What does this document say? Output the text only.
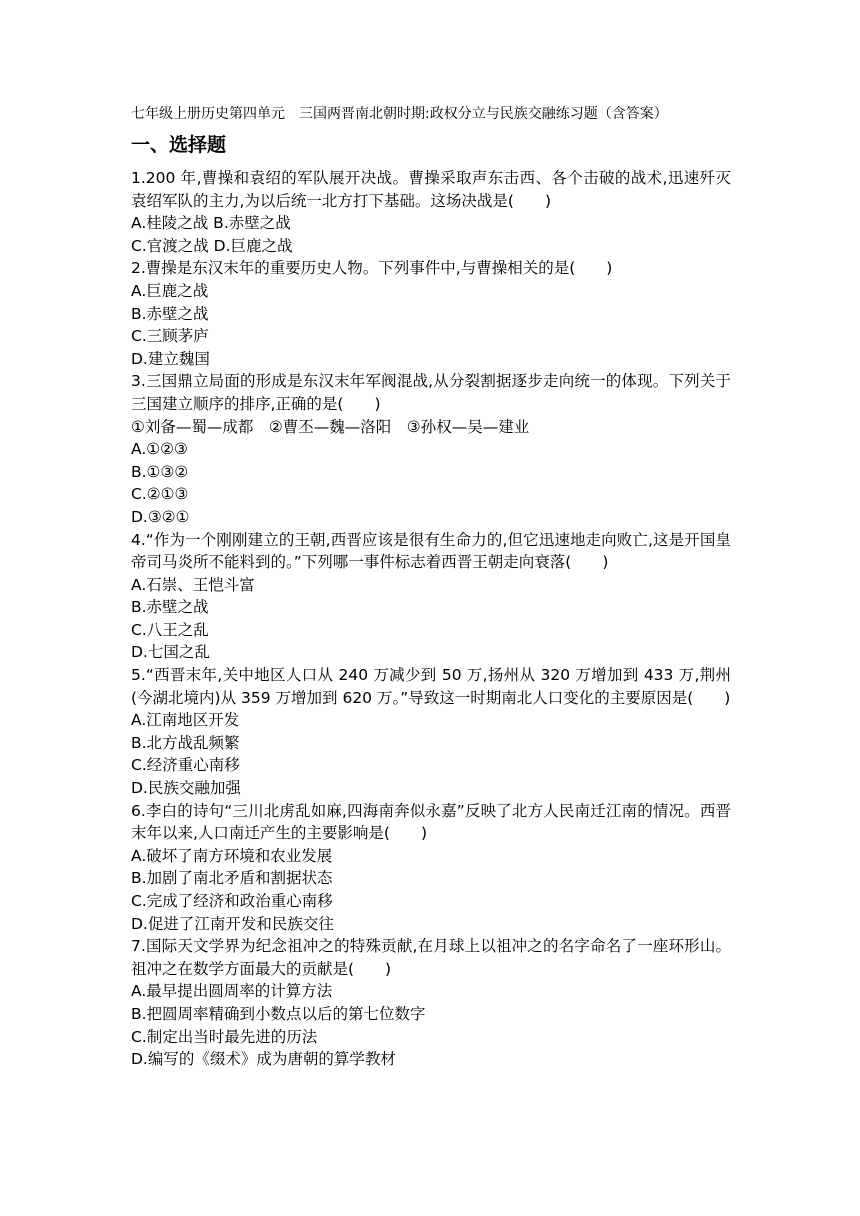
七年级上册历史第四单元　三国两晋南北朝时期:政权分立与民族交融练习题（含答案）
一、选择题
1.200 年,曹操和袁绍的军队展开决战。曹操采取声东击西、各个击破的战术,迅速歼灭袁绍军队的主力,为以后统一北方打下基础。这场决战是(　　)
A.桂陵之战 B.赤壁之战
C.官渡之战 D.巨鹿之战
2.曹操是东汉末年的重要历史人物。下列事件中,与曹操相关的是(　　)
A.巨鹿之战
B.赤壁之战
C.三顾茅庐
D.建立魏国
3.三国鼎立局面的形成是东汉末年军阀混战,从分裂割据逐步走向统一的体现。下列关于三国建立顺序的排序,正确的是(　　)
①刘备—蜀—成都　②曹丕—魏—洛阳　③孙权—吴—建业
A.①②③
B.①③②
C.②①③
D.③②①
4.“作为一个刚刚建立的王朝,西晋应该是很有生命力的,但它迅速地走向败亡,这是开国皇帝司马炎所不能料到的。”下列哪一事件标志着西晋王朝走向衰落(　　)
A.石崇、王恺斗富
B.赤壁之战
C.八王之乱
D.七国之乱
5.“西晋末年,关中地区人口从 240 万减少到 50 万,扬州从 320 万增加到 433 万,荆州(今湖北境内)从 359 万增加到 620 万。”导致这一时期南北人口变化的主要原因是(　　)
A.江南地区开发
B.北方战乱频繁
C.经济重心南移
D.民族交融加强
6.李白的诗句“三川北虏乱如麻,四海南奔似永嘉”反映了北方人民南迁江南的情况。西晋末年以来,人口南迁产生的主要影响是(　　)
A.破坏了南方环境和农业发展
B.加剧了南北矛盾和割据状态
C.完成了经济和政治重心南移
D.促进了江南开发和民族交往
7.国际天文学界为纪念祖冲之的特殊贡献,在月球上以祖冲之的名字命名了一座环形山。祖冲之在数学方面最大的贡献是(　　)
A.最早提出圆周率的计算方法
B.把圆周率精确到小数点以后的第七位数字
C.制定出当时最先进的历法
D.编写的《缀术》成为唐朝的算学教材
